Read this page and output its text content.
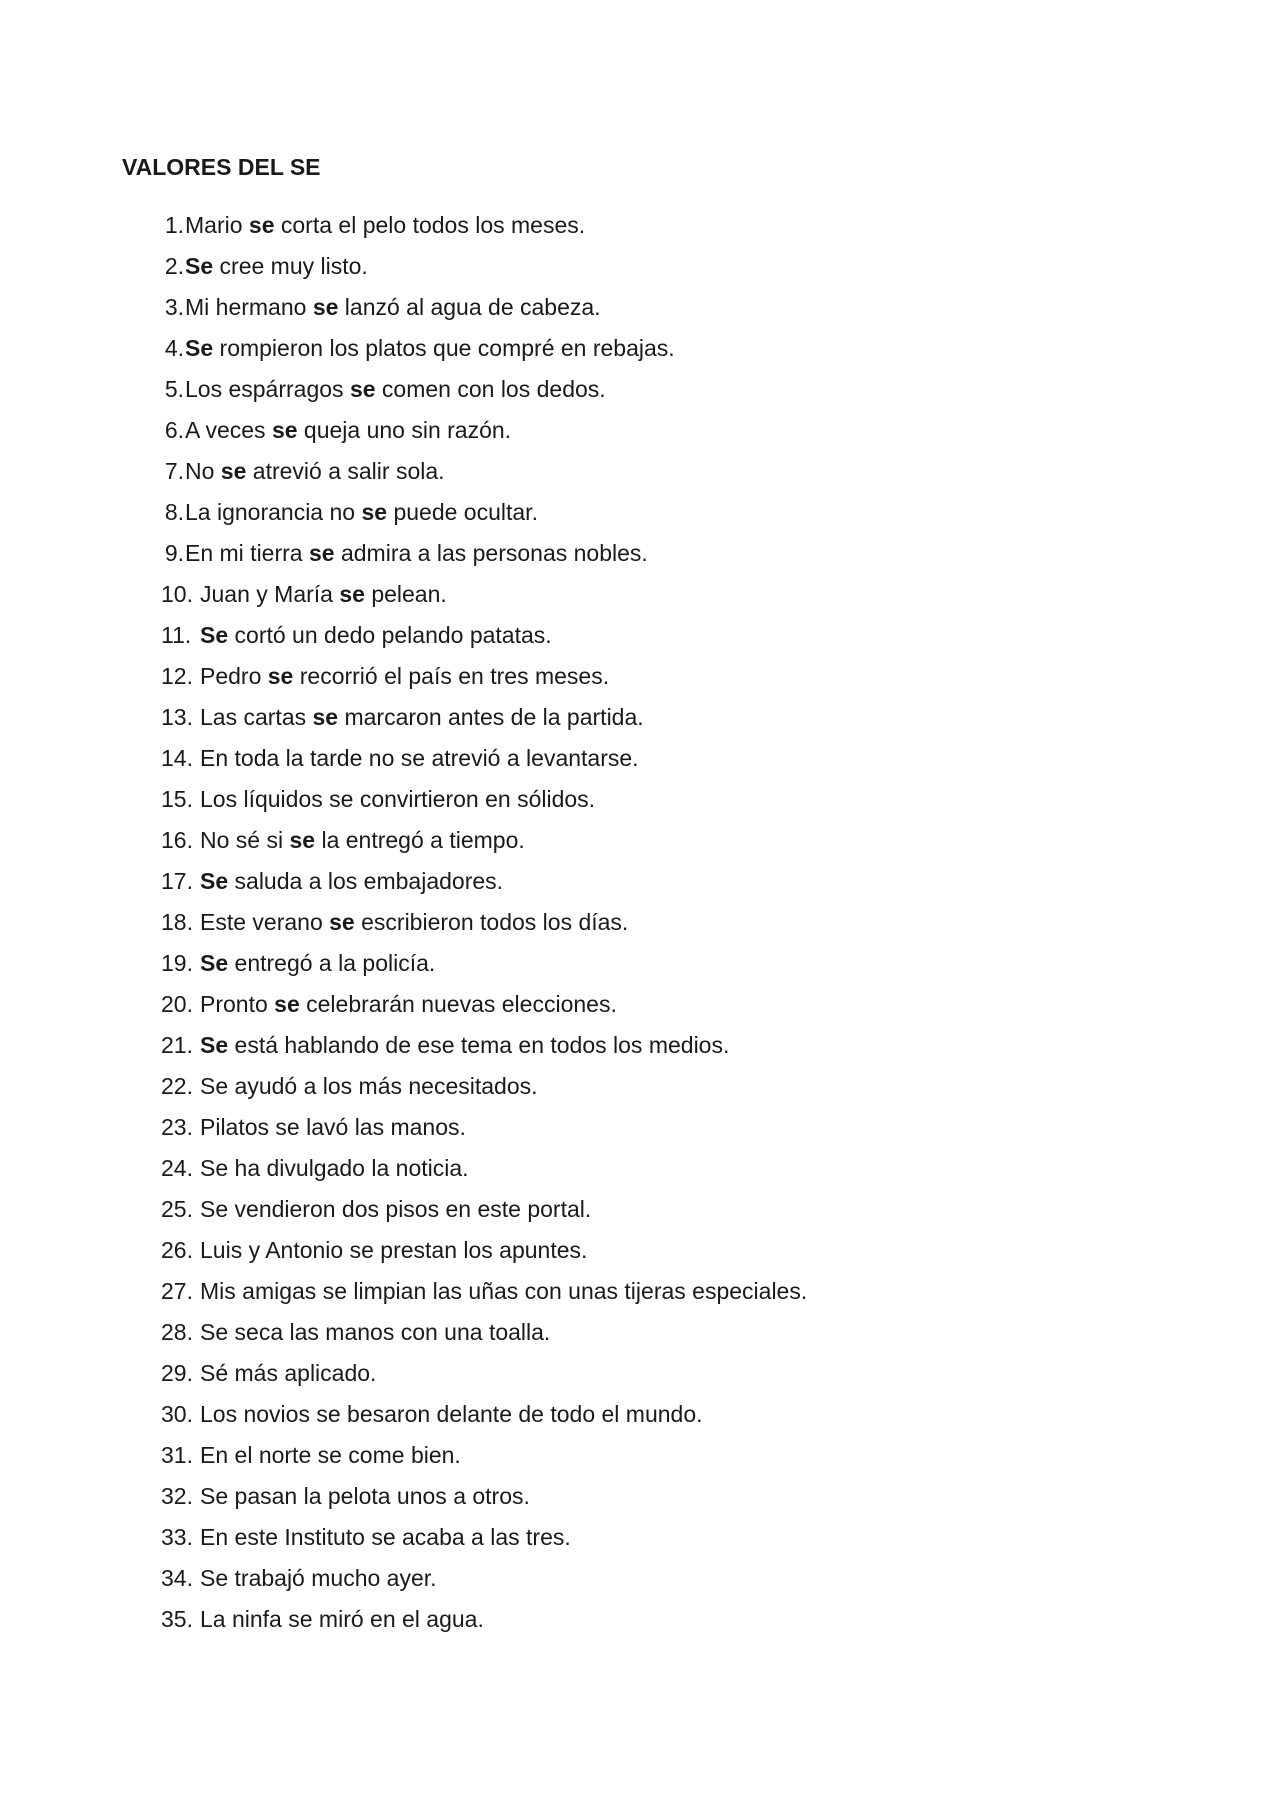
VALORES DEL SE
1. Mario se corta el pelo todos los meses.
2. Se cree muy listo.
3. Mi hermano se lanzó al agua de cabeza.
4. Se rompieron los platos que compré en rebajas.
5. Los espárragos se comen con los dedos.
6. A veces se queja uno sin razón.
7. No se atrevió a salir sola.
8. La ignorancia no se puede ocultar.
9. En mi tierra se admira a las personas nobles.
10. Juan y María se pelean.
11. Se cortó un dedo pelando patatas.
12. Pedro se recorrió el país en tres meses.
13. Las cartas se marcaron antes de la partida.
14. En toda la tarde no se atrevió a levantarse.
15. Los líquidos se convirtieron en sólidos.
16. No sé si se la entregó a tiempo.
17. Se saluda a los embajadores.
18. Este verano se escribieron todos los días.
19. Se entregó a la policía.
20. Pronto se celebrarán nuevas elecciones.
21. Se está hablando de ese tema en todos los medios.
22. Se ayudó a los más necesitados.
23. Pilatos se lavó las manos.
24. Se ha divulgado la noticia.
25. Se vendieron dos pisos en este portal.
26. Luis y Antonio se prestan los apuntes.
27. Mis amigas se limpian las uñas con unas tijeras especiales.
28. Se seca las manos con una toalla.
29. Sé más aplicado.
30. Los novios se besaron delante de todo el mundo.
31. En el norte se come bien.
32. Se pasan la pelota unos a otros.
33. En este Instituto se acaba a las tres.
34. Se trabajó mucho ayer.
35. La ninfa se miró en el agua.
